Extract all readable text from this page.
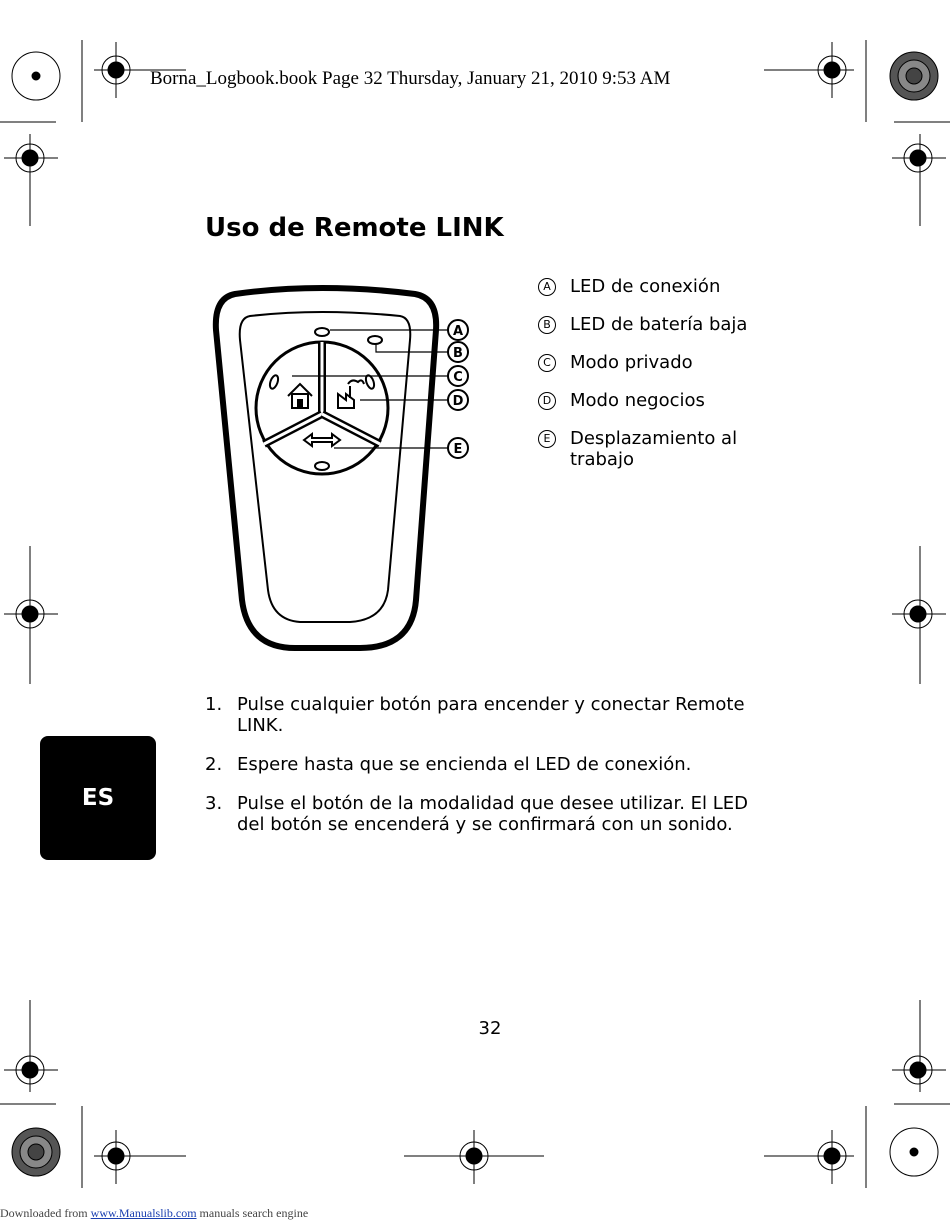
Borna_Logbook.book Page 32 Thursday, January 21, 2010 9:53 AM
Uso de Remote LINK
A
B
C
D
E
A LED de conexión
B LED de batería baja
C Modo privado
D Modo negocios
E	Desplazamiento al trabajo
1. Pulse cualquier botón para encender y conectar Remote LINK.
2. Espere hasta que se encienda el LED de conexión.
3. Pulse el botón de la modalidad que desee utilizar. El LED del botón se encenderá y se confirmará con un sonido.
ES
32
Downloaded from www.Manualslib.com manuals search engine
